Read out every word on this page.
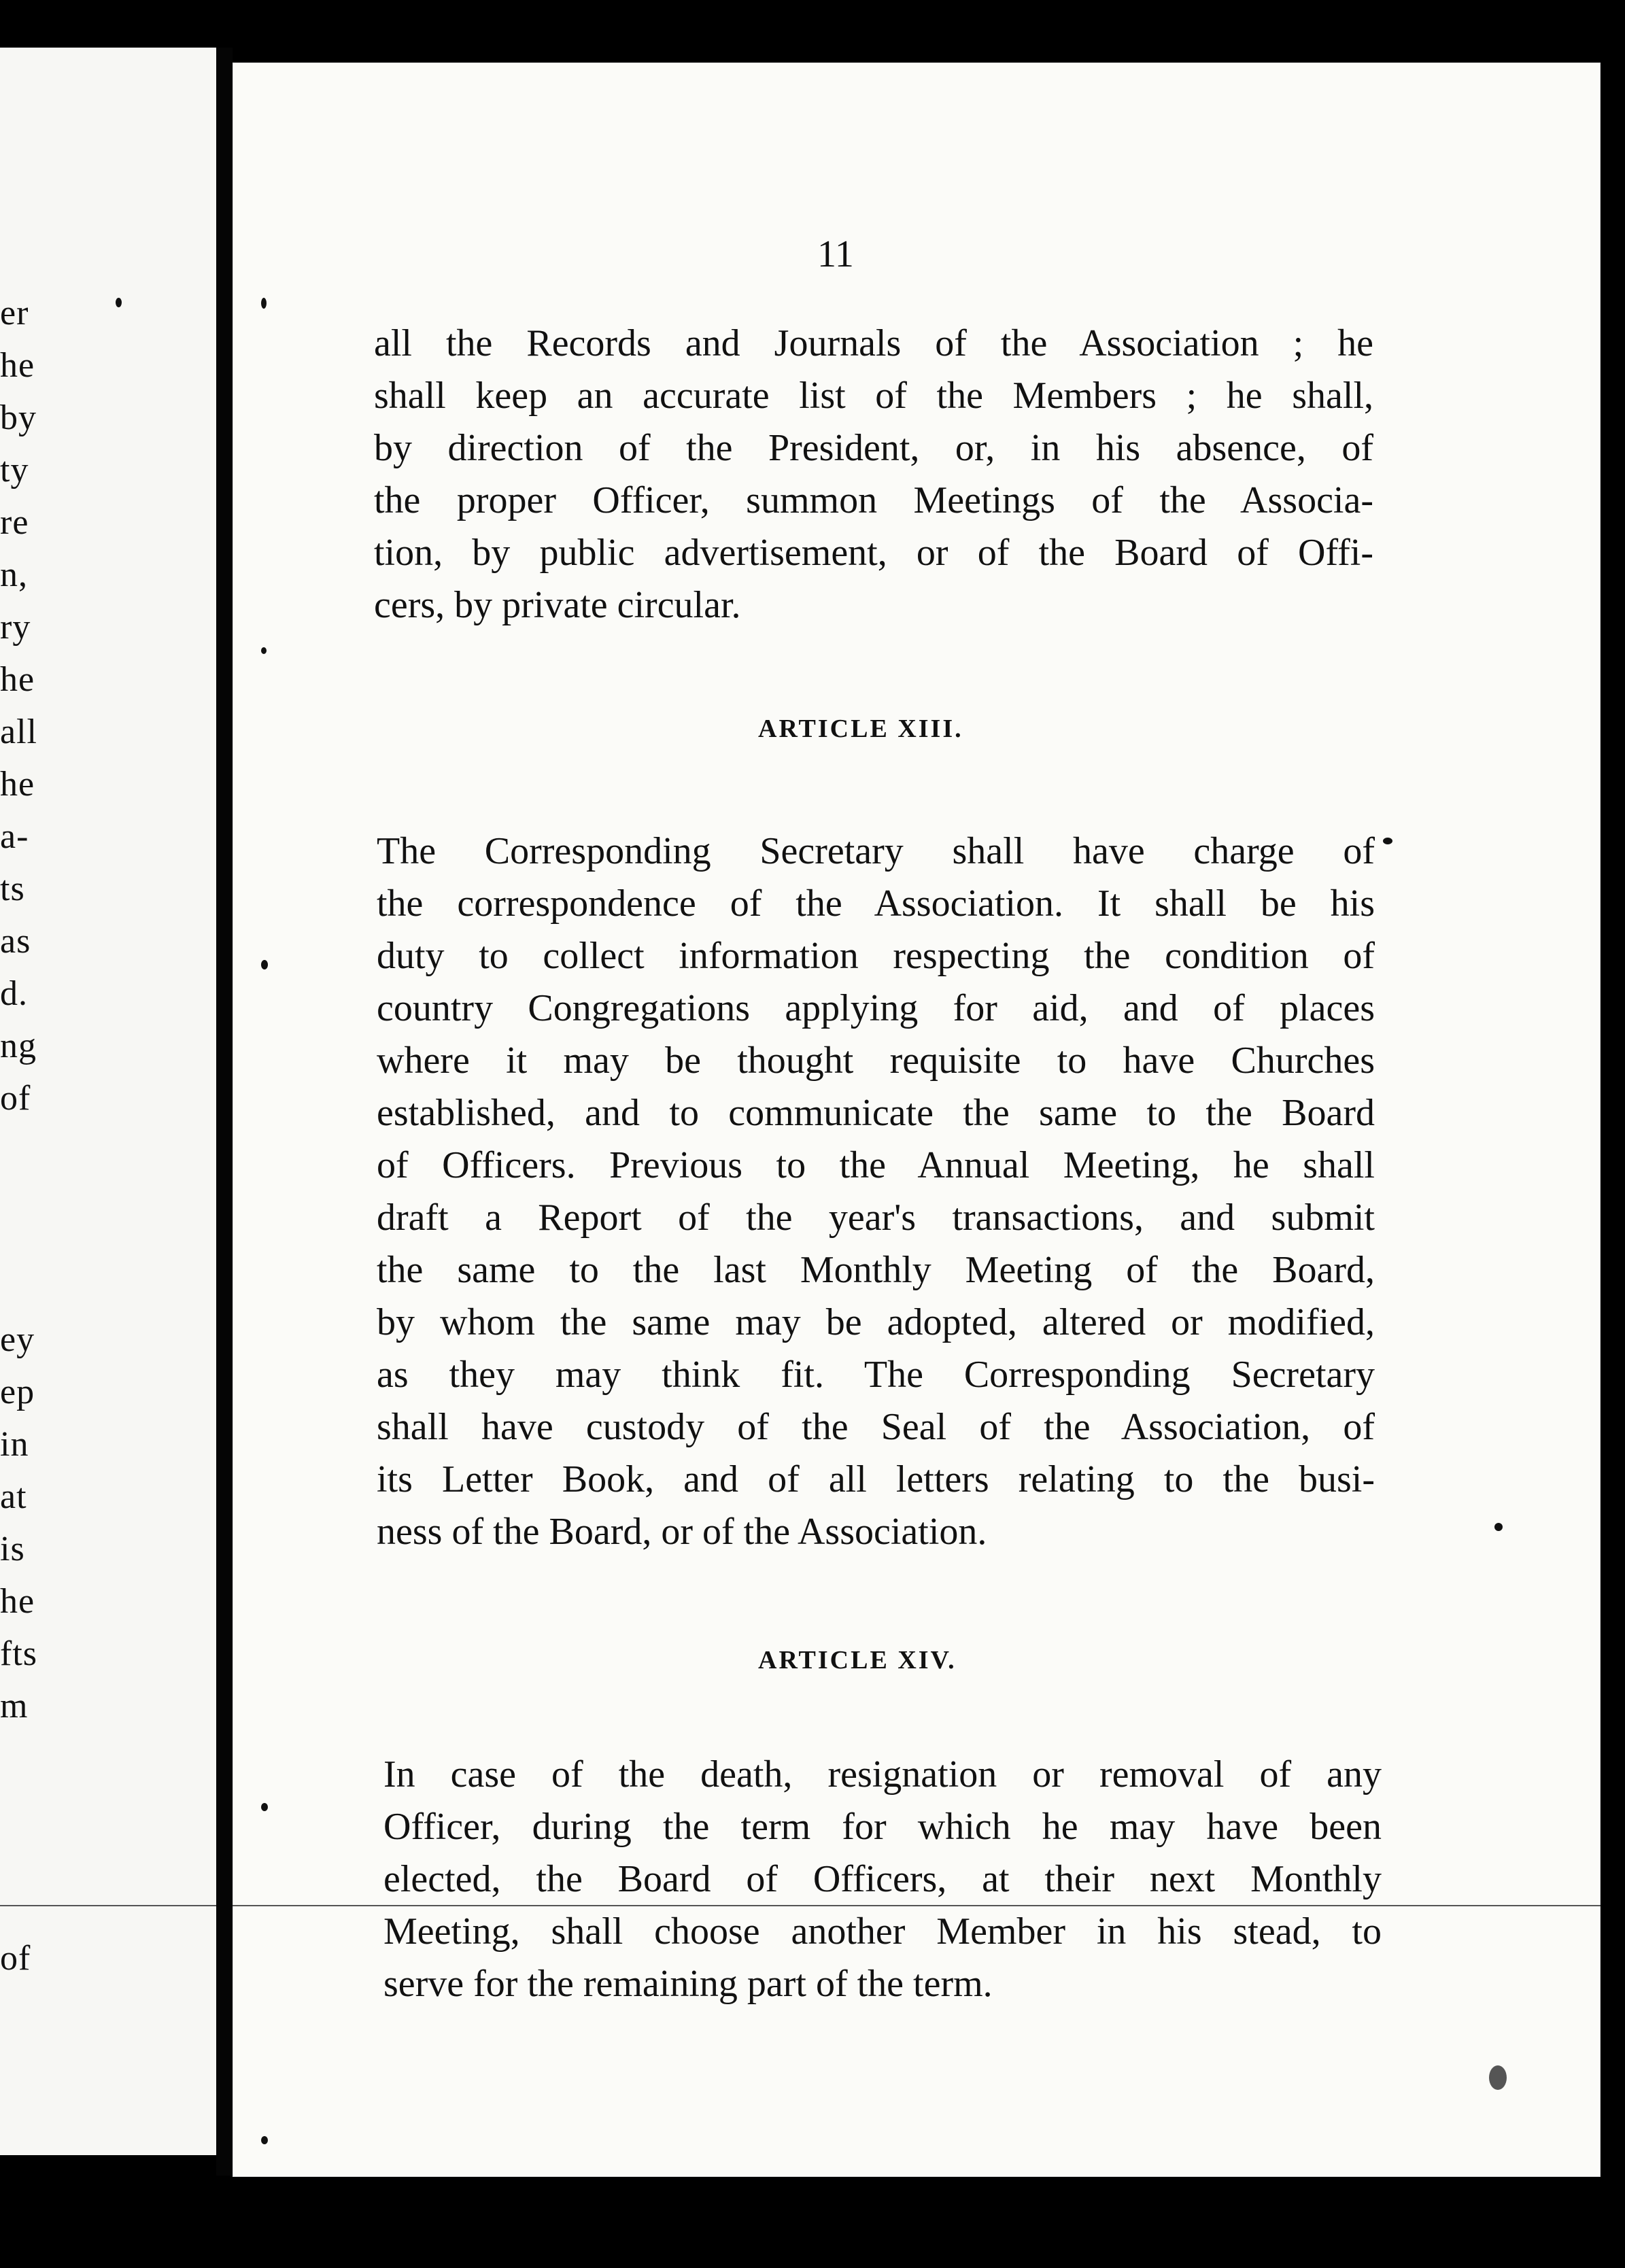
er
he
by
ty
re
n,
ry
he
all
he
a-
ts
as
d.
ng
of
ey
ep
in
at
is
he
fts
m
of
11
all the Records and Journals of the Association ; he
shall keep an accurate list of the Members ; he shall,
by direction of the President, or, in his absence, of
the proper Officer, summon Meetings of the Associa-
tion, by public advertisement, or of the Board of Offi-
cers, by private circular.
ARTICLE XIII.
The Corresponding Secretary shall have charge of
the correspondence of the Association. It shall be his
duty to collect information respecting the condition of
country Congregations applying for aid, and of places
where it may be thought requisite to have Churches
established, and to communicate the same to the Board
of Officers. Previous to the Annual Meeting, he shall
draft a Report of the year's transactions, and submit
the same to the last Monthly Meeting of the Board,
by whom the same may be adopted, altered or modified,
as they may think fit. The Corresponding Secretary
shall have custody of the Seal of the Association, of
its Letter Book, and of all letters relating to the busi-
ness of the Board, or of the Association.
ARTICLE XIV.
In case of the death, resignation or removal of any
Officer, during the term for which he may have been
elected, the Board of Officers, at their next Monthly
Meeting, shall choose another Member in his stead, to
serve for the remaining part of the term.
